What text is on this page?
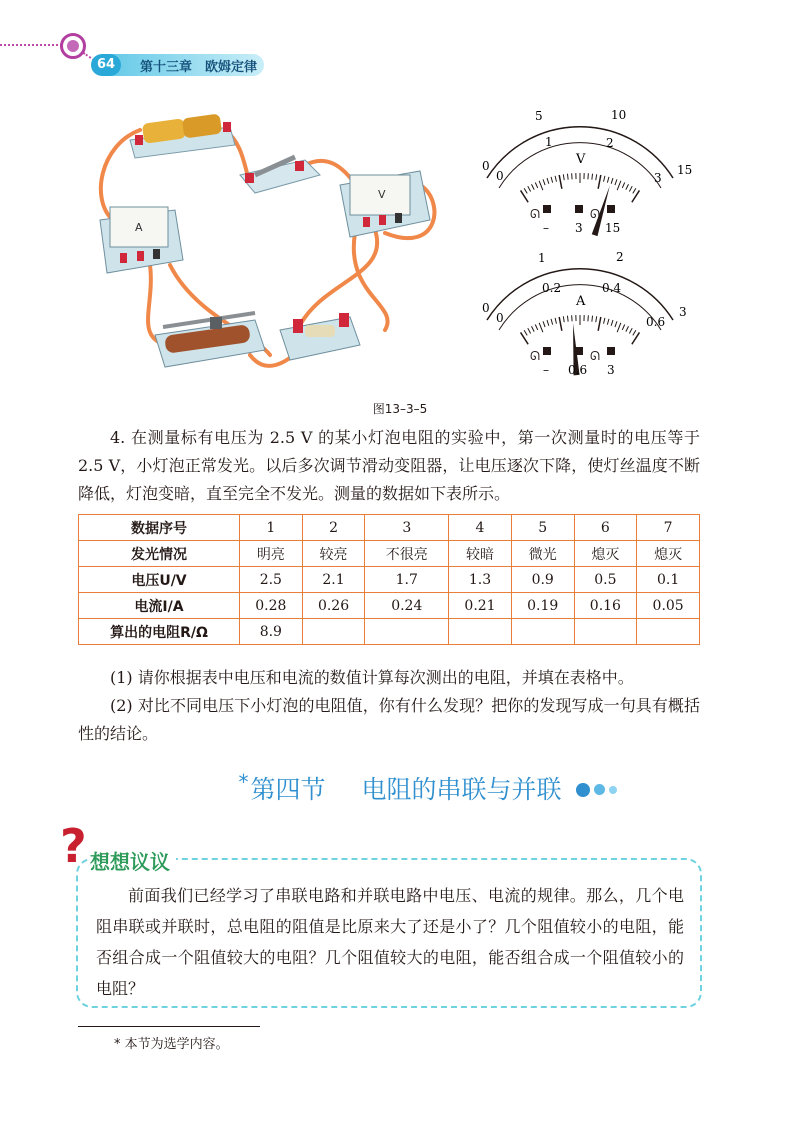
64	第十三章　欧姆定律
V
A
0
5	10
15
0
1	2
3
V
ᘏ	ᘏ
– 3 15
0
1	2
3
0
0.2	0.4
0.6
A
ᘏ	ᘏ
– 0.6 3
图13–3–5
4. 在测量标有电压为 2.5 V 的某小灯泡电阻的实验中，第一次测量时的电压等于 2.5 V，小灯泡正常发光。以后多次调节滑动变阻器，让电压逐次下降，使灯丝温度不断降低，灯泡变暗，直至完全不发光。测量的数据如下表所示。
数据序号	1	2	3	4	5	6	7
发光情况	明亮	较亮	不很亮	较暗	微光	熄灭	熄灭
电压U/V	2.5	2.1	1.7	1.3	0.9	0.5	0.1
电流I/A	0.28	0.26	0.24	0.21	0.19	0.16	0.05
算出的电阻R/Ω	8.9						
(1) 请你根据表中电压和电流的数值计算每次测出的电阻，并填在表格中。
(2) 对比不同电压下小灯泡的电阻值，你有什么发现？把你的发现写成一句具有概括性的结论。
*第四节 电阻的串联与并联
? 想想议议
前面我们已经学习了串联电路和并联电路中电压、电流的规律。那么，几个电阻串联或并联时，总电阻的阻值是比原来大了还是小了？几个阻值较小的电阻，能否组合成一个阻值较大的电阻？几个阻值较大的电阻，能否组合成一个阻值较小的电阻？
* 本节为选学内容。
